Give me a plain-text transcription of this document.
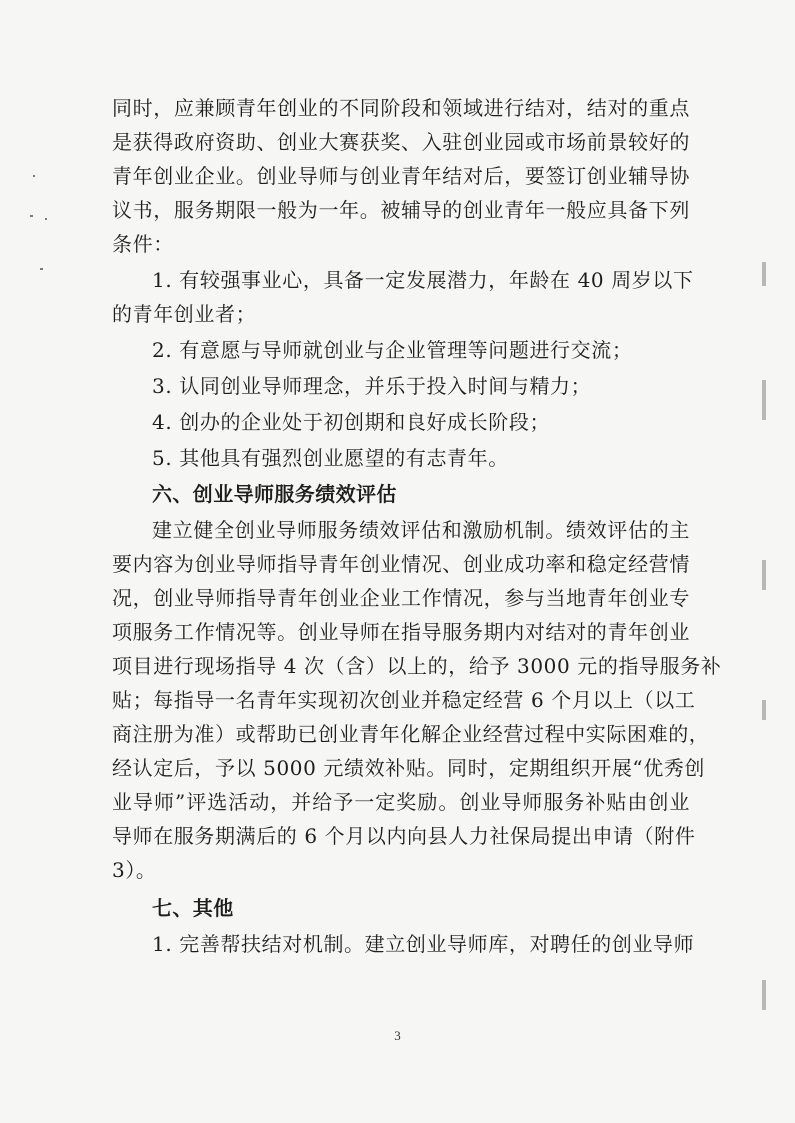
同时，应兼顾青年创业的不同阶段和领域进行结对，结对的重点
是获得政府资助、创业大赛获奖、入驻创业园或市场前景较好的
青年创业企业。创业导师与创业青年结对后，要签订创业辅导协
议书，服务期限一般为一年。被辅导的创业青年一般应具备下列
条件：
1. 有较强事业心，具备一定发展潜力，年龄在 40 周岁以下
的青年创业者；
2. 有意愿与导师就创业与企业管理等问题进行交流；
3. 认同创业导师理念，并乐于投入时间与精力；
4. 创办的企业处于初创期和良好成长阶段；
5. 其他具有强烈创业愿望的有志青年。
六、创业导师服务绩效评估
建立健全创业导师服务绩效评估和激励机制。绩效评估的主
要内容为创业导师指导青年创业情况、创业成功率和稳定经营情
况，创业导师指导青年创业企业工作情况，参与当地青年创业专
项服务工作情况等。创业导师在指导服务期内对结对的青年创业
项目进行现场指导 4 次（含）以上的，给予 3000 元的指导服务补
贴；每指导一名青年实现初次创业并稳定经营 6 个月以上（以工
商注册为准）或帮助已创业青年化解企业经营过程中实际困难的，
经认定后，予以 5000 元绩效补贴。同时，定期组织开展“优秀创
业导师”评选活动，并给予一定奖励。创业导师服务补贴由创业
导师在服务期满后的 6 个月以内向县人力社保局提出申请（附件
3）。
七、其他
1. 完善帮扶结对机制。建立创业导师库，对聘任的创业导师
3
